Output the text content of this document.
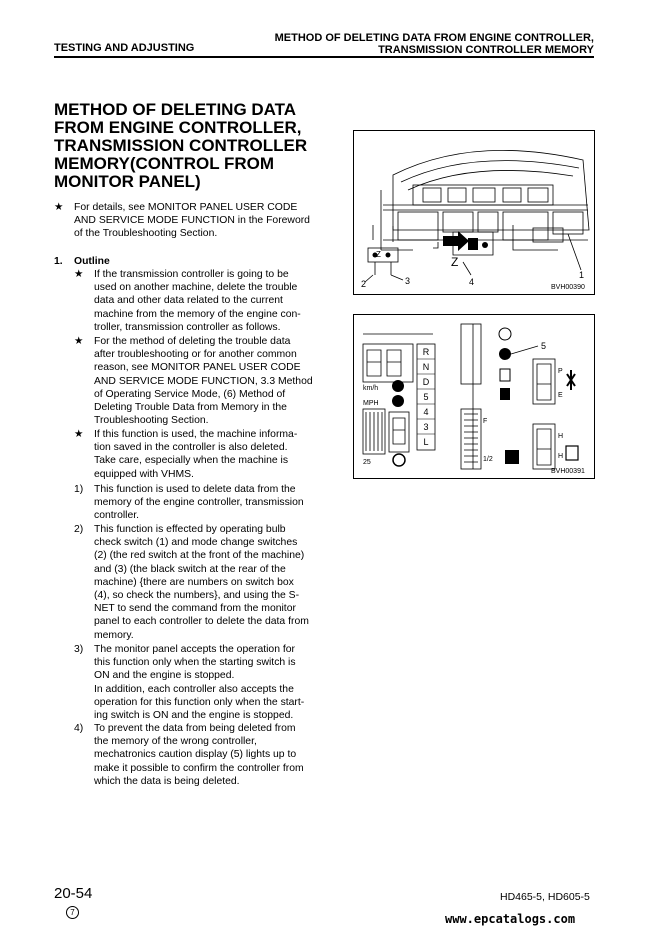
TESTING AND ADJUSTING
METHOD OF DELETING DATA FROM ENGINE CONTROLLER,
TRANSMISSION CONTROLLER MEMORY
METHOD OF DELETING DATA
FROM ENGINE CONTROLLER,
TRANSMISSION CONTROLLER
MEMORY(CONTROL FROM
MONITOR PANEL)
★ For details, see MONITOR PANEL USER CODE
AND SERVICE MODE FUNCTION in the Foreword
of the Troubleshooting Section.
1. Outline
★ If the transmission controller is going to be
used on another machine, delete the trouble
data and other data related to the current
machine from the memory of the engine con-
troller, transmission controller as follows.
★ For the method of deleting the trouble data
after troubleshooting or for another common
reason, see MONITOR PANEL USER CODE
AND SERVICE MODE FUNCTION, 3.3 Method
of Operating Service Mode, (6) Method of
Deleting Trouble Data from Memory in the
Troubleshooting Section.
★ If this function is used, the machine informa-
tion saved in the controller is also deleted.
Take care, especially when the machine is
equipped with VHMS.
1) This function is used to delete data from the
memory of the engine controller, transmission
controller.
2) This function is effected by operating bulb
check switch (1) and mode change switches
(2) (the red switch at the front of the machine)
and (3) (the black switch at the rear of the
machine) {there are numbers on switch box
(4), so check the numbers}, and using the S-
NET to send the command from the monitor
panel to each controller to delete the data from
memory.
3) The monitor panel accepts the operation for
this function only when the starting switch is
ON and the engine is stopped.
In addition, each controller also accepts the
operation for this function only when the start-
ing switch is ON and the engine is stopped.
4) To prevent the data from being deleted from
the memory of the wrong controller,
mechatronics caution display (5) lights up to
make it possible to confirm the controller from
which the data is being deleted.
Z
Z
1
2	3	4
BVH00390
R
N
D
5
4
3
L
km/h
MPH
25
5
F
1/2
P
E
H
H
BVH00391
20-54
7
HD465-5, HD605-5
www.epcatalogs.com
